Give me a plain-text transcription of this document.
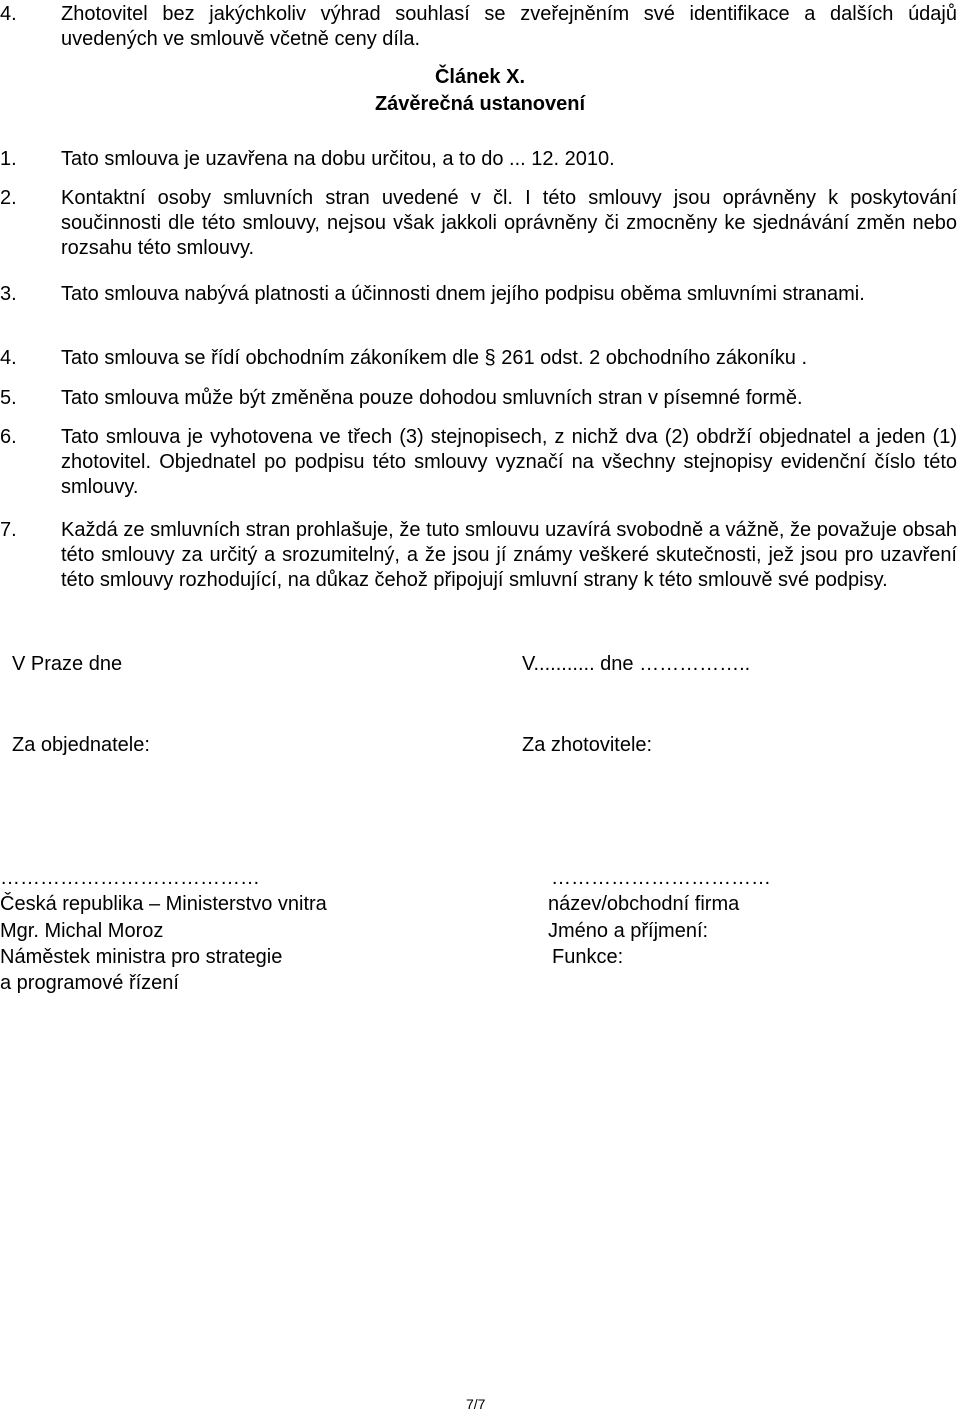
4. Zhotovitel bez jakýchkoliv výhrad souhlasí se zveřejněním své identifikace a dalších údajů uvedených ve smlouvě včetně ceny díla.
Článek X.
Závěrečná ustanovení
1. Tato smlouva je uzavřena na dobu určitou, a to do ... 12. 2010.
2. Kontaktní osoby smluvních stran uvedené v čl. I této smlouvy jsou oprávněny k poskytování součinnosti dle této smlouvy, nejsou však jakkoli oprávněny či zmocněny ke sjednávání změn nebo rozsahu této smlouvy.
3. Tato smlouva nabývá platnosti a účinnosti dnem jejího podpisu oběma smluvními stranami.
4. Tato smlouva se řídí obchodním zákoníkem dle § 261 odst. 2 obchodního zákoníku .
5. Tato smlouva může být změněna pouze dohodou smluvních stran v písemné formě.
6. Tato smlouva je vyhotovena ve třech (3) stejnopisech, z nichž dva (2) obdrží objednatel a jeden (1) zhotovitel. Objednatel po podpisu této smlouvy vyznačí na všechny stejnopisy evidenční číslo této smlouvy.
7. Každá ze smluvních stran prohlašuje, že tuto smlouvu uzavírá svobodně a vážně, že považuje obsah této smlouvy za určitý a srozumitelný, a že jsou jí známy veškeré skutečnosti, jež jsou pro uzavření této smlouvy rozhodující, na důkaz čehož připojují smluvní strany k této smlouvě své podpisy.
V Praze dne	V........... dne ……………..
Za objednatele:	Za zhotovitele:
…………………………………
Česká republika – Ministerstvo vnitra
Mgr. Michal Moroz
Náměstek ministra pro strategie
a programové řízení
……………………………
název/obchodní firma
Jméno a příjmení:
Funkce:
7/7
